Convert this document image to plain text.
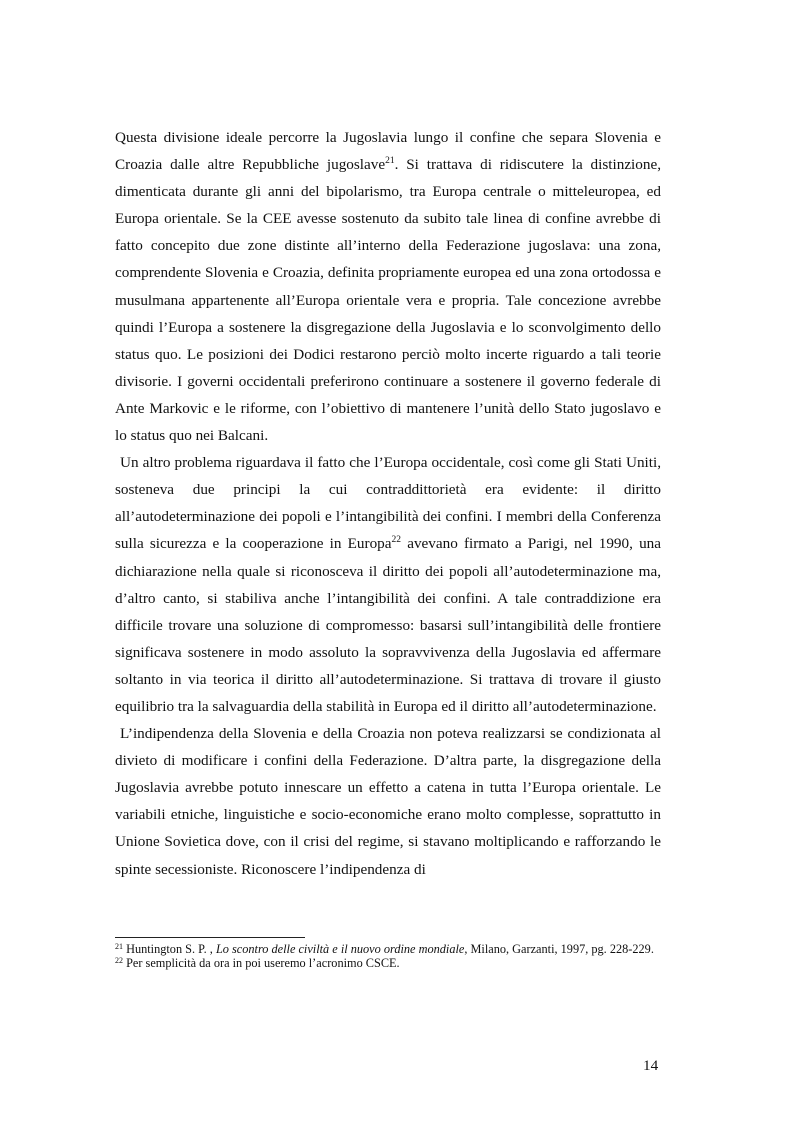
Questa divisione ideale percorre la Jugoslavia lungo il confine che separa Slovenia e Croazia dalle altre Repubbliche jugoslave$^{21}$. Si trattava di ridiscutere la distinzione, dimenticata durante gli anni del bipolarismo, tra Europa centrale o mitteleuropea, ed Europa orientale. Se la CEE avesse sostenuto da subito tale linea di confine avrebbe di fatto concepito due zone distinte all’interno della Federazione jugoslava: una zona, comprendente Slovenia e Croazia, definita propriamente europea ed una zona ortodossa e musulmana appartenente all’Europa orientale vera e propria. Tale concezione avrebbe quindi l’Europa a sostenere la disgregazione della Jugoslavia e lo sconvolgimento dello status quo. Le posizioni dei Dodici restarono perciò molto incerte riguardo a tali teorie divisorie. I governi occidentali preferirono continuare a sostenere il governo federale di Ante Markovic e le riforme, con l’obiettivo di mantenere l’unità dello Stato jugoslavo e lo status quo nei Balcani.

Un altro problema riguardava il fatto che l’Europa occidentale, così come gli Stati Uniti, sosteneva due principi la cui contraddittorietà era evidente: il diritto all’autodeterminazione dei popoli e l’intangibilità dei confini. I membri della Conferenza sulla sicurezza e la cooperazione in Europa$^{22}$ avevano firmato a Parigi, nel 1990, una dichiarazione nella quale si riconosceva il diritto dei popoli all’autodeterminazione ma, d’altro canto, si stabiliva anche l’intangibilità dei confini. A tale contraddizione era difficile trovare una soluzione di compromesso: basarsi sull’intangibilità delle frontiere significava sostenere in modo assoluto la sopravvivenza della Jugoslavia ed affermare soltanto in via teorica il diritto all’autodeterminazione. Si trattava di trovare il giusto equilibrio tra la salvaguardia della stabilità in Europa ed il diritto all’autodeterminazione.

L’indipendenza della Slovenia e della Croazia non poteva realizzarsi se condizionata al divieto di modificare i confini della Federazione. D’altra parte, la disgregazione della Jugoslavia avrebbe potuto innescare un effetto a catena in tutta l’Europa orientale. Le variabili etniche, linguistiche e socio-economiche erano molto complesse, soprattutto in Unione Sovietica dove, con il crisi del regime, si stavano moltiplicando e rafforzando le spinte secessioniste. Riconoscere l’indipendenza di

$^{21}$ Huntington S. P. , Lo scontro delle civiltà e il nuovo ordine mondiale, Milano, Garzanti, 1997, pg. 228-229.

$^{22}$ Per semplicità da ora in poi useremo l’acronimo CSCE.

14
